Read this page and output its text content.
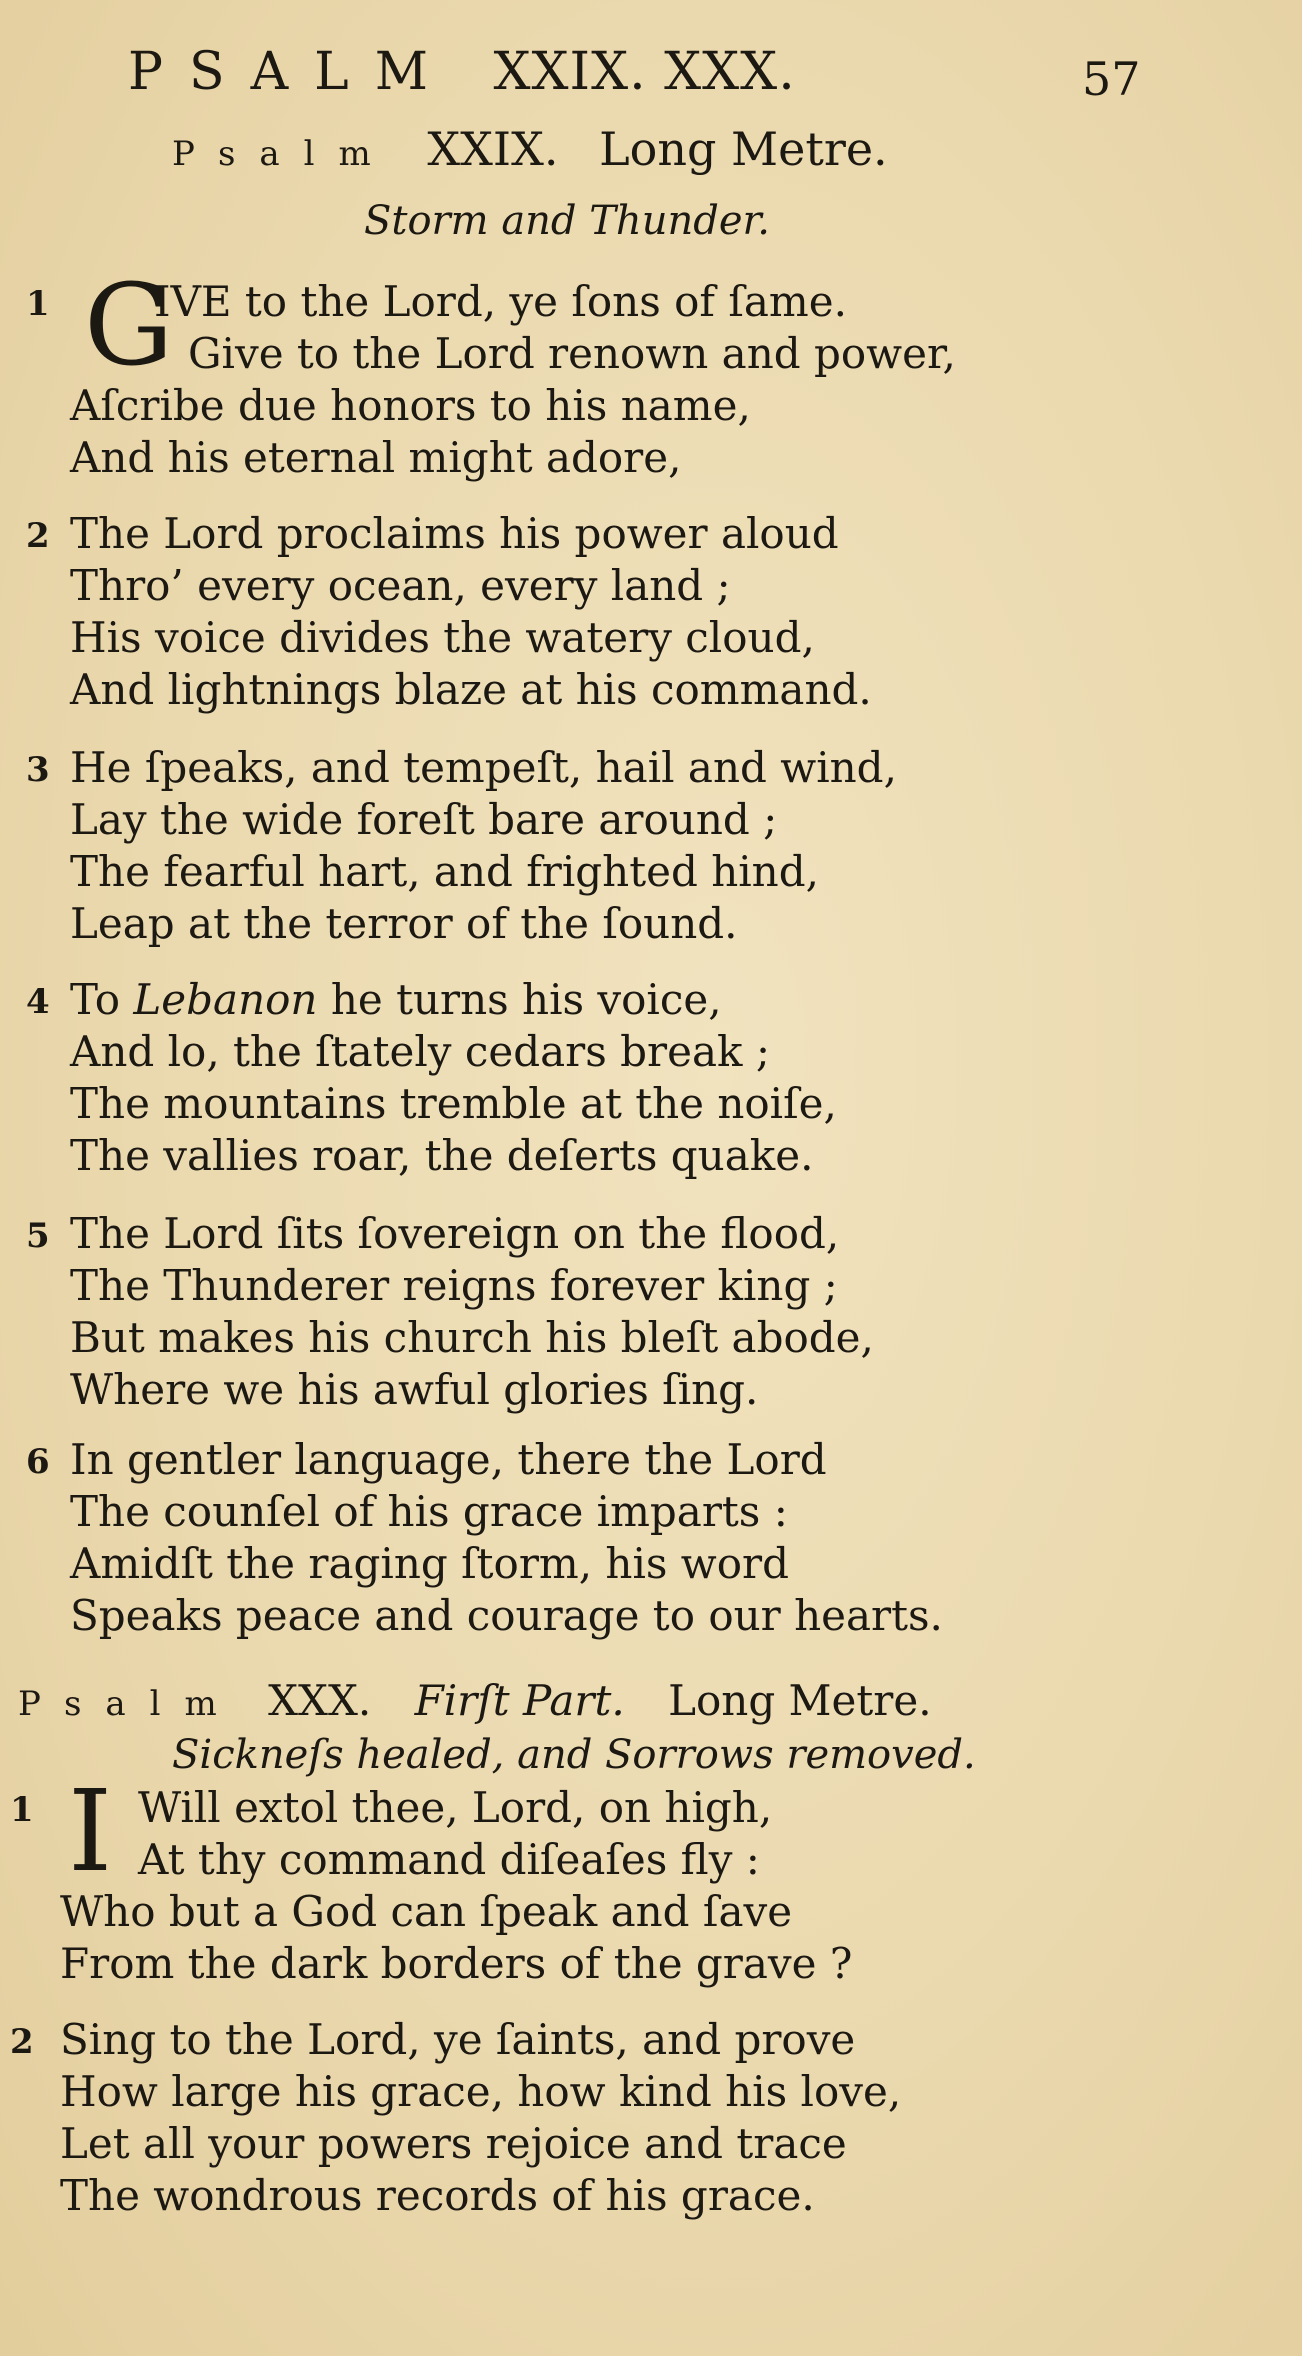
PSALM XXIX. XXX.	57
Psalm XXIX. Long Metre.
Storm and Thunder.
1 G
IVE to the Lord, ye ſons of ſame.
Give to the Lord renown and power,
Aſcribe due honors to his name,
And his eternal might adore,
2 The Lord proclaims his power aloud
Thro’ every ocean, every land ;
His voice divides the watery cloud,
And lightnings blaze at his command.
3 He ſpeaks, and tempeſt, hail and wind,
Lay the wide foreſt bare around ;
The fearful hart, and frighted hind,
Leap at the terror of the ſound.
4 To Lebanon he turns his voice,
And lo, the ſtately cedars break ;
The mountains tremble at the noiſe,
The vallies roar, the deſerts quake.
5 The Lord ſits ſovereign on the flood,
The Thunderer reigns forever king ;
But makes his church his bleſt abode,
Where we his awful glories ſing.
6 In gentler language, there the Lord
The counſel of his grace imparts :
Amidſt the raging ſtorm, his word
Speaks peace and courage to our hearts.
Psalm XXX. Firſt Part. Long Metre.
Sickneſs healed, and Sorrows removed.
1 I Will extol thee, Lord, on high,
At thy command diſeaſes fly :
Who but a God can ſpeak and ſave
From the dark borders of the grave ?
2 Sing to the Lord, ye ſaints, and prove
How large his grace, how kind his love,
Let all your powers rejoice and trace
The wondrous records of his grace.
